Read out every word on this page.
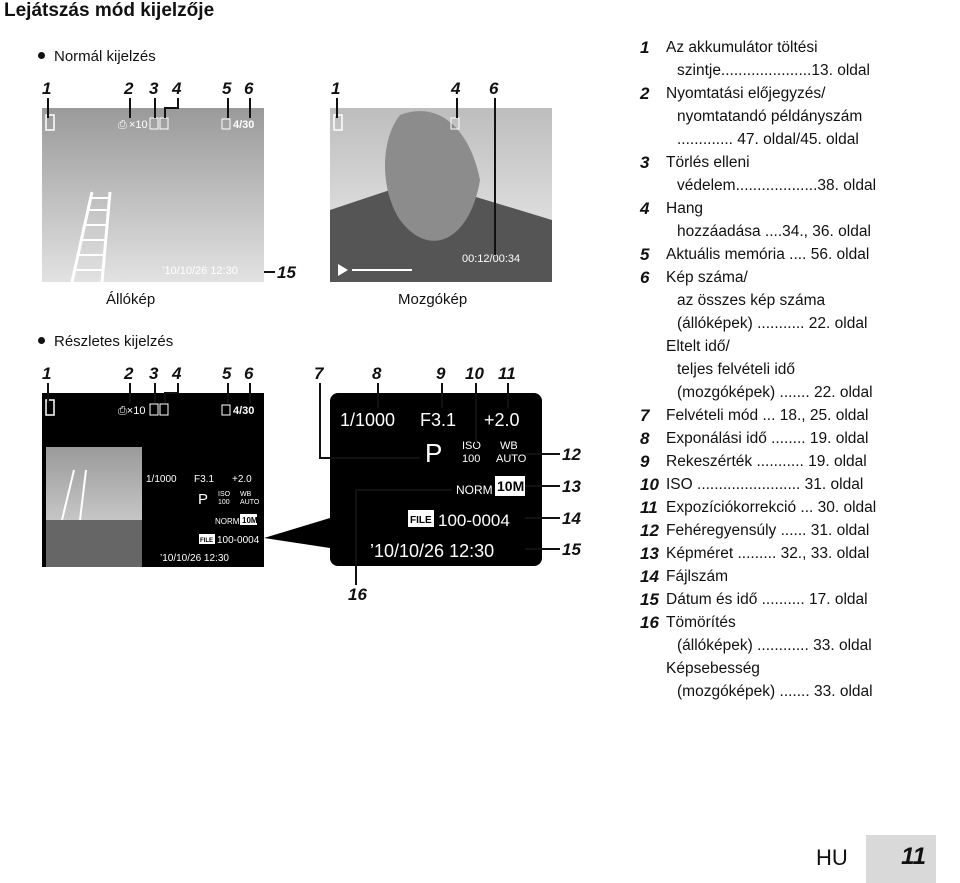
Lejátszás mód kijelzője
Normál kijelzés
Részletes kijelzés
Állókép	Mozgókép
⎙ ×10	4/30
’10/10/26 12:30
00:12/00:34
⎙×10	4/30
1/1000 F3.1 +2.0
P ISO
100
WB
AUTO
NORM 10M
FILE 100-0004
’10/10/26 12:30
1/1000 F3.1 +2.0
P ISO
100
WB
AUTO
NORM 10M
FILE 100-0004
’10/10/26 12:30
1	2 3 4 5 6
15
1	4 6
1	2 3 4 5 6	7	8	9 10 11
12
13
14
15
16
1 Az akkumulátor töltési
szintje.....................13. oldal
2 Nyomtatási előjegyzés/
nyomtatandó példányszám
............. 47. oldal/45. oldal
3 Törlés elleni
védelem...................38. oldal
4 Hang
hozzáadása ....34., 36. oldal
5 Aktuális memória .... 56. oldal
6 Kép száma/
az összes kép száma
(állóképek) ........... 22. oldal
Eltelt idő/
teljes felvételi idő
(mozgóképek) ....... 22. oldal
7 Felvételi mód ... 18., 25. oldal
8 Exponálási idő ........ 19. oldal
9 Rekeszérték ........... 19. oldal
10 ISO ........................ 31. oldal
11 Expozíciókorrekció ... 30. oldal
12 Fehéregyensúly ...... 31. oldal
13 Képméret ......... 32., 33. oldal
14 Fájlszám
15 Dátum és idő .......... 17. oldal
16 Tömörítés
(állóképek) ............ 33. oldal
Képsebesség
(mozgóképek) ....... 33. oldal
HU 11
